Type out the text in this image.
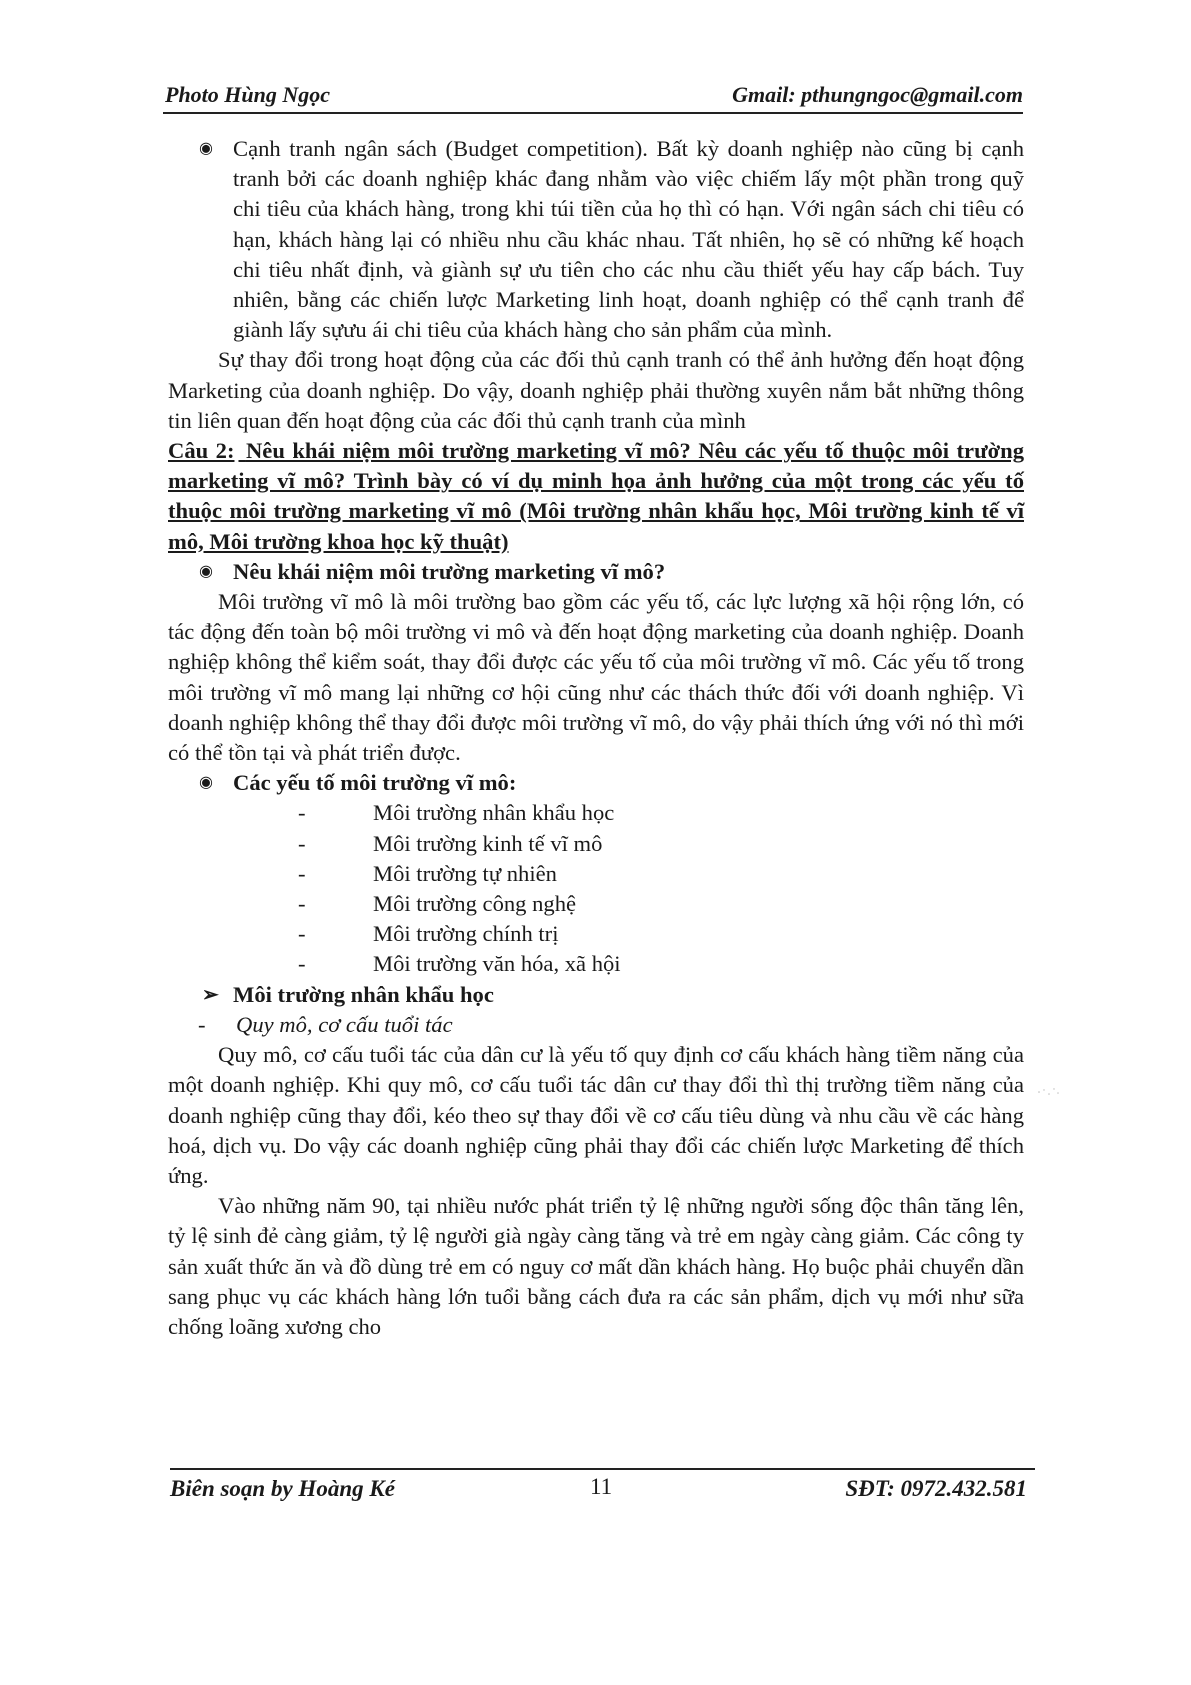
Photo Hùng Ngọc	Gmail: pthungngoc@gmail.com

◉ Cạnh tranh ngân sách (Budget competition). Bất kỳ doanh nghiệp nào cũng bị cạnh tranh bởi các doanh nghiệp khác đang nhằm vào việc chiếm lấy một phần trong quỹ chi tiêu của khách hàng, trong khi túi tiền của họ thì có hạn. Với ngân sách chi tiêu có hạn, khách hàng lại có nhiều nhu cầu khác nhau. Tất nhiên, họ sẽ có những kế hoạch chi tiêu nhất định, và giành sự ưu tiên cho các nhu cầu thiết yếu hay cấp bách. Tuy nhiên, bằng các chiến lược Marketing linh hoạt, doanh nghiệp có thể cạnh tranh để giành lấy sựưu ái chi tiêu của khách hàng cho sản phẩm của mình.

Sự thay đổi trong hoạt động của các đối thủ cạnh tranh có thể ảnh hưởng đến hoạt động Marketing của doanh nghiệp. Do vậy, doanh nghiệp phải thường xuyên nắm bắt những thông tin liên quan đến hoạt động của các đối thủ cạnh tranh của mình

Câu 2: Nêu khái niệm môi trường marketing vĩ mô? Nêu các yếu tố thuộc môi trường marketing vĩ mô? Trình bày có ví dụ minh họa ảnh hưởng của một trong các yếu tố thuộc môi trường marketing vĩ mô (Môi trường nhân khẩu học, Môi trường kinh tế vĩ mô, Môi trường khoa học kỹ thuật)

◉ Nêu khái niệm môi trường marketing vĩ mô?

Môi trường vĩ mô là môi trường bao gồm các yếu tố, các lực lượng xã hội rộng lớn, có tác động đến toàn bộ môi trường vi mô và đến hoạt động marketing của doanh nghiệp. Doanh nghiệp không thể kiểm soát, thay đổi được các yếu tố của môi trường vĩ mô. Các yếu tố trong môi trường vĩ mô mang lại những cơ hội cũng như các thách thức đối với doanh nghiệp. Vì doanh nghiệp không thể thay đổi được môi trường vĩ mô, do vậy phải thích ứng với nó thì mới có thể tồn tại và phát triển được.

◉ Các yếu tố môi trường vĩ mô:

-	Môi trường nhân khẩu học
-	Môi trường kinh tế vĩ mô
-	Môi trường tự nhiên
-	Môi trường công nghệ
-	Môi trường chính trị
-	Môi trường văn hóa, xã hội

➢ Môi trường nhân khẩu học

- Quy mô, cơ cấu tuổi tác

Quy mô, cơ cấu tuổi tác của dân cư là yếu tố quy định cơ cấu khách hàng tiềm năng của một doanh nghiệp. Khi quy mô, cơ cấu tuổi tác dân cư thay đổi thì thị trường tiềm năng của doanh nghiệp cũng thay đổi, kéo theo sự thay đổi về cơ cấu tiêu dùng và nhu cầu về các hàng hoá, dịch vụ. Do vậy các doanh nghiệp cũng phải thay đổi các chiến lược Marketing để thích ứng.

Vào những năm 90, tại nhiều nước phát triển tỷ lệ những người sống độc thân tăng lên, tỷ lệ sinh đẻ càng giảm, tỷ lệ người già ngày càng tăng và trẻ em ngày càng giảm. Các công ty sản xuất thức ăn và đồ dùng trẻ em có nguy cơ mất dần khách hàng. Họ buộc phải chuyển dần sang phục vụ các khách hàng lớn tuổi bằng cách đưa ra các sản phẩm, dịch vụ mới như sữa chống loãng xương cho

Biên soạn by Hoàng Ké	11	SĐT: 0972.432.581
